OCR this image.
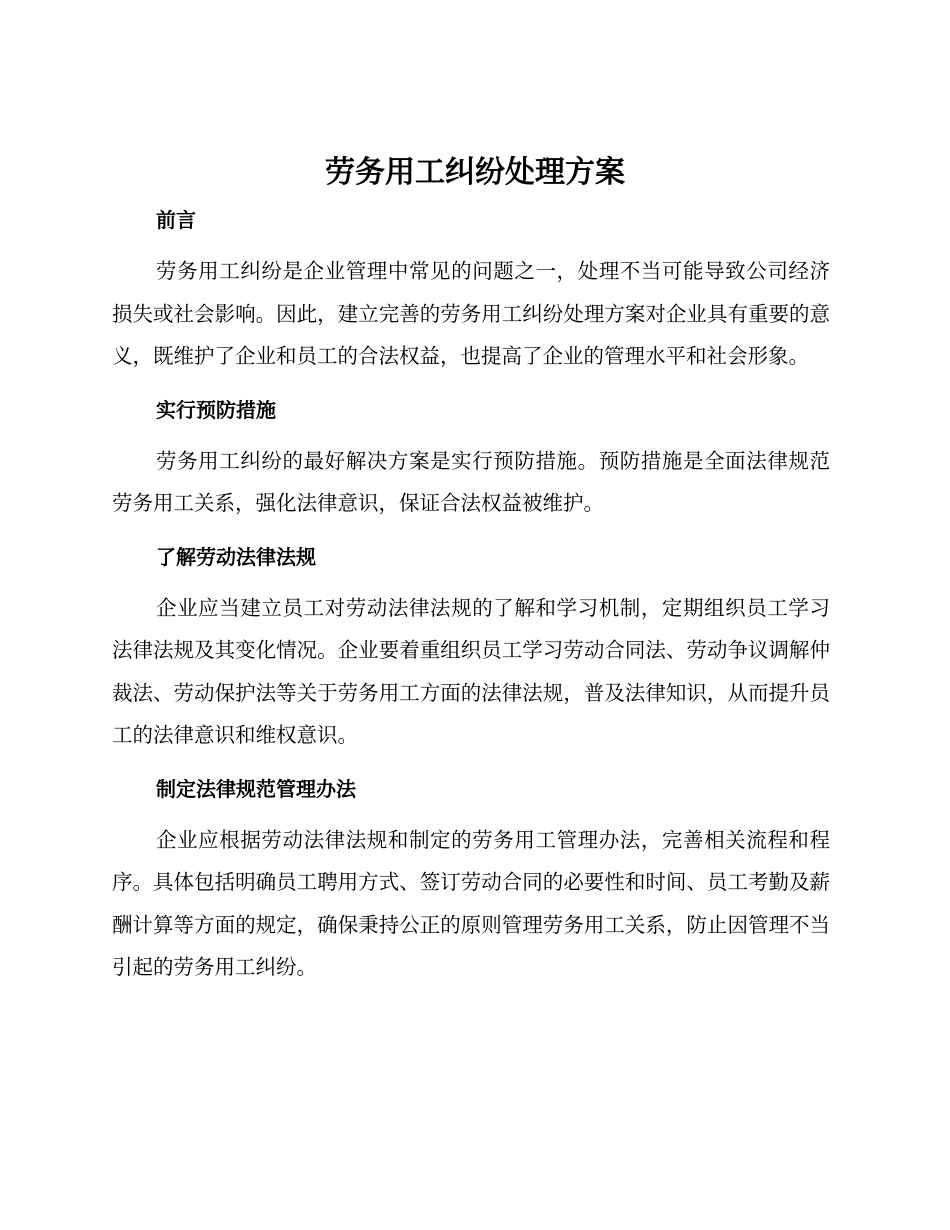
劳务用工纠纷处理方案
前言

劳务用工纠纷是企业管理中常见的问题之一，处理不当可能导致公司经济损失或社会影响。因此，建立完善的劳务用工纠纷处理方案对企业具有重要的意义，既维护了企业和员工的合法权益，也提高了企业的管理水平和社会形象。

实行预防措施

劳务用工纠纷的最好解决方案是实行预防措施。预防措施是全面法律规范劳务用工关系，强化法律意识，保证合法权益被维护。

了解劳动法律法规

企业应当建立员工对劳动法律法规的了解和学习机制，定期组织员工学习法律法规及其变化情况。企业要着重组织员工学习劳动合同法、劳动争议调解仲裁法、劳动保护法等关于劳务用工方面的法律法规，普及法律知识，从而提升员工的法律意识和维权意识。

制定法律规范管理办法

企业应根据劳动法律法规和制定的劳务用工管理办法，完善相关流程和程序。具体包括明确员工聘用方式、签订劳动合同的必要性和时间、员工考勤及薪酬计算等方面的规定，确保秉持公正的原则管理劳务用工关系，防止因管理不当引起的劳务用工纠纷。
